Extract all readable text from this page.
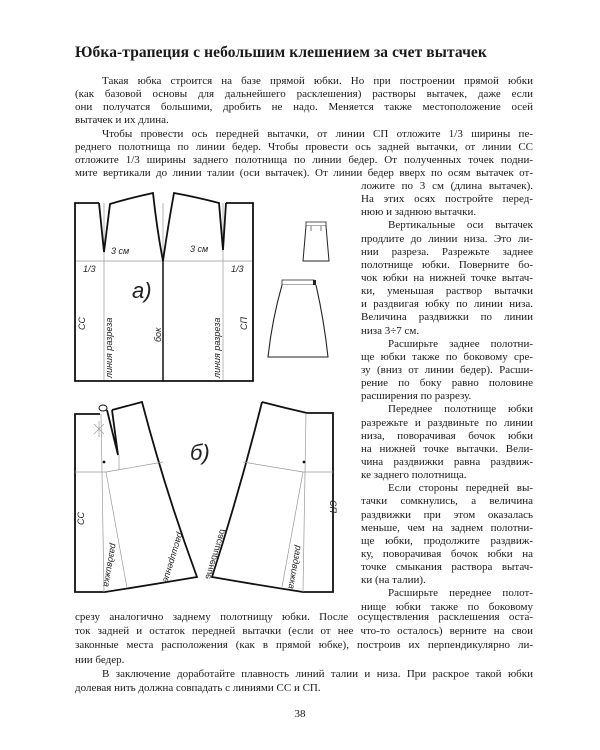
Юбка-трапеция с небольшим клешением за счет вытачек
Такая юбка строится на базе прямой юбки. Но при построении прямой юбки
(как базовой основы для дальнейшего расклешения) растворы вытачек, даже если
они получатся большими, дробить не надо. Меняется также местоположение осей
вытачек и их длина.
Чтобы провести ось передней вытачки, от линии СП отложите 1/3 ширины пе-
реднего полотнища по линии бедер. Чтобы провести ось задней вытачки, от линии СС
отложите 1/3 ширины заднего полотнища по линии бедер. От полученных точек подни-
мите вертикали до линии талии (оси вытачек). От линии бедер вверх по осям вытачек от-
ложите по 3 см (длина вытачек).
На этих осях постройте перед-
нюю и заднюю вытачки.
Вертикальные оси вытачек
продлите до линии низа. Это ли-
нии разреза. Разрежьте заднее
полотнище юбки. Поверните бо-
чок юбки на нижней точке вытач-
ки, уменьшая раствор вытачки
и раздвигая юбку по линии низа.
Величина раздвижки по линии
низа 3÷7 см.
Расширьте заднее полотни-
ще юбки также по боковому сре-
зу (вниз от линии бедер). Расши-
рение по боку равно половине
расширения по разрезу.
Переднее полотнище юбки
разрежьте и раздвиньте по линии
низа, поворачивая бочок юбки
на нижней точке вытачки. Вели-
чина раздвижки равна раздвиж-
ке заднего полотнища.
Если стороны передней вы-
тачки сомкнулись, а величина
раздвижки при этом оказалась
меньше, чем на заднем полотни-
ще юбки, продолжите раздвиж-
ку, поворачивая бочок юбки на
точке смыкания раствора вытач-
ки (на талии).
Расширьте переднее полот-
нище юбки также по боковому
срезу аналогично заднему полотнищу юбки. После осуществления расклешения оста-
ток задней и остаток передней вытачки (если от нее что-то осталось) верните на свои
законные места расположения (как в прямой юбке), построив их перпендикулярно ли-
нии бедер.
В заключение доработайте плавность линий талии и низа. При раскрое такой юбки
долевая нить должна совпадать с линиями СС и СП.
3 см	3 см
1/3	1/3
а)
СС линия разреза	бок	линия разреза СП
СС
раздвижка	расширение
б)
СП
раздвижка
расширение
38
